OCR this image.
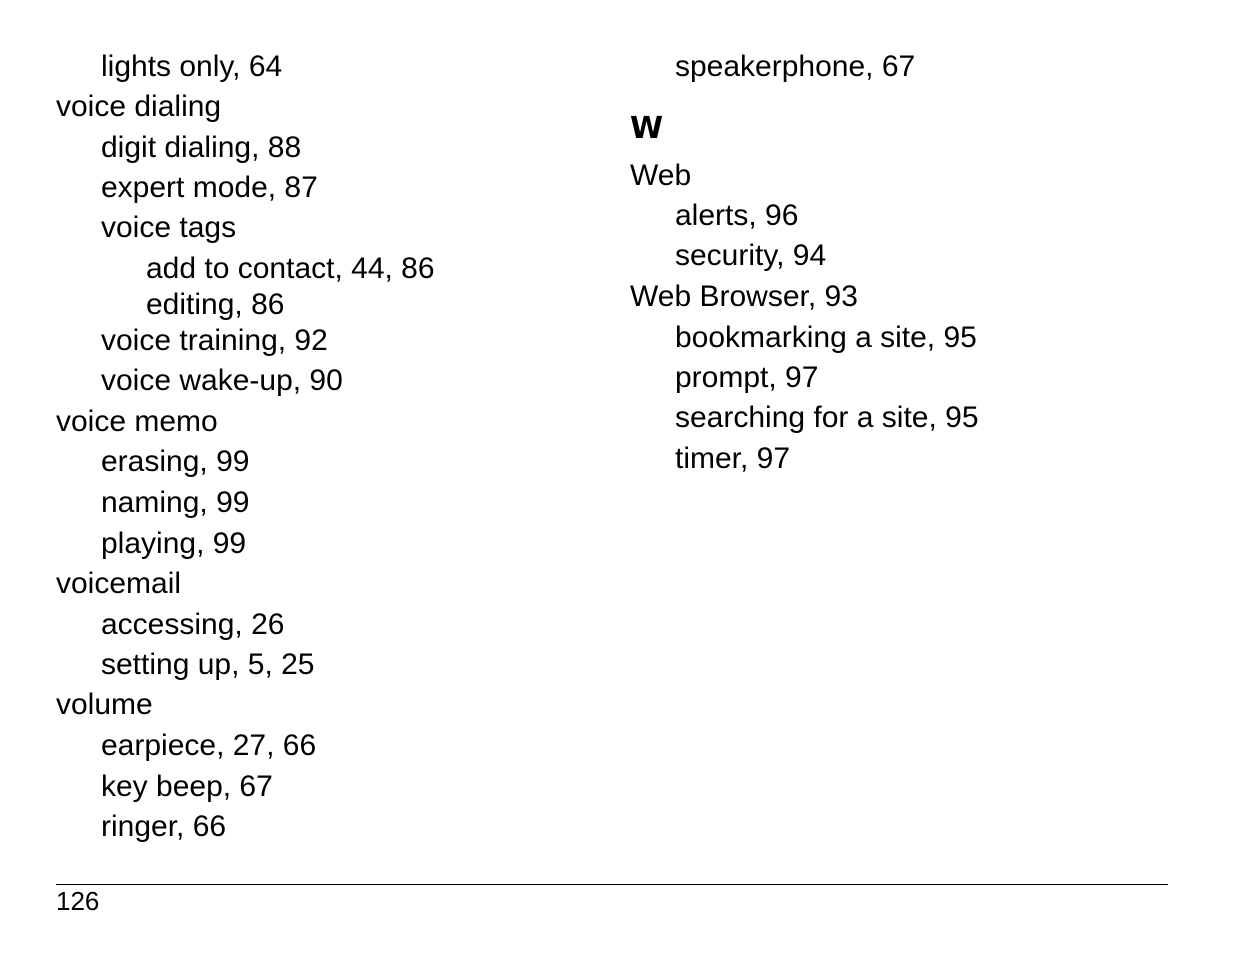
lights only, 64
voice dialing
digit dialing, 88
expert mode, 87
voice tags
add to contact, 44, 86
editing, 86
voice training, 92
voice wake-up, 90
voice memo
erasing, 99
naming, 99
playing, 99
voicemail
accessing, 26
setting up, 5, 25
volume
earpiece, 27, 66
key beep, 67
ringer, 66
speakerphone, 67
W
Web
alerts, 96
security, 94
Web Browser, 93
bookmarking a site, 95
prompt, 97
searching for a site, 95
timer, 97
126
